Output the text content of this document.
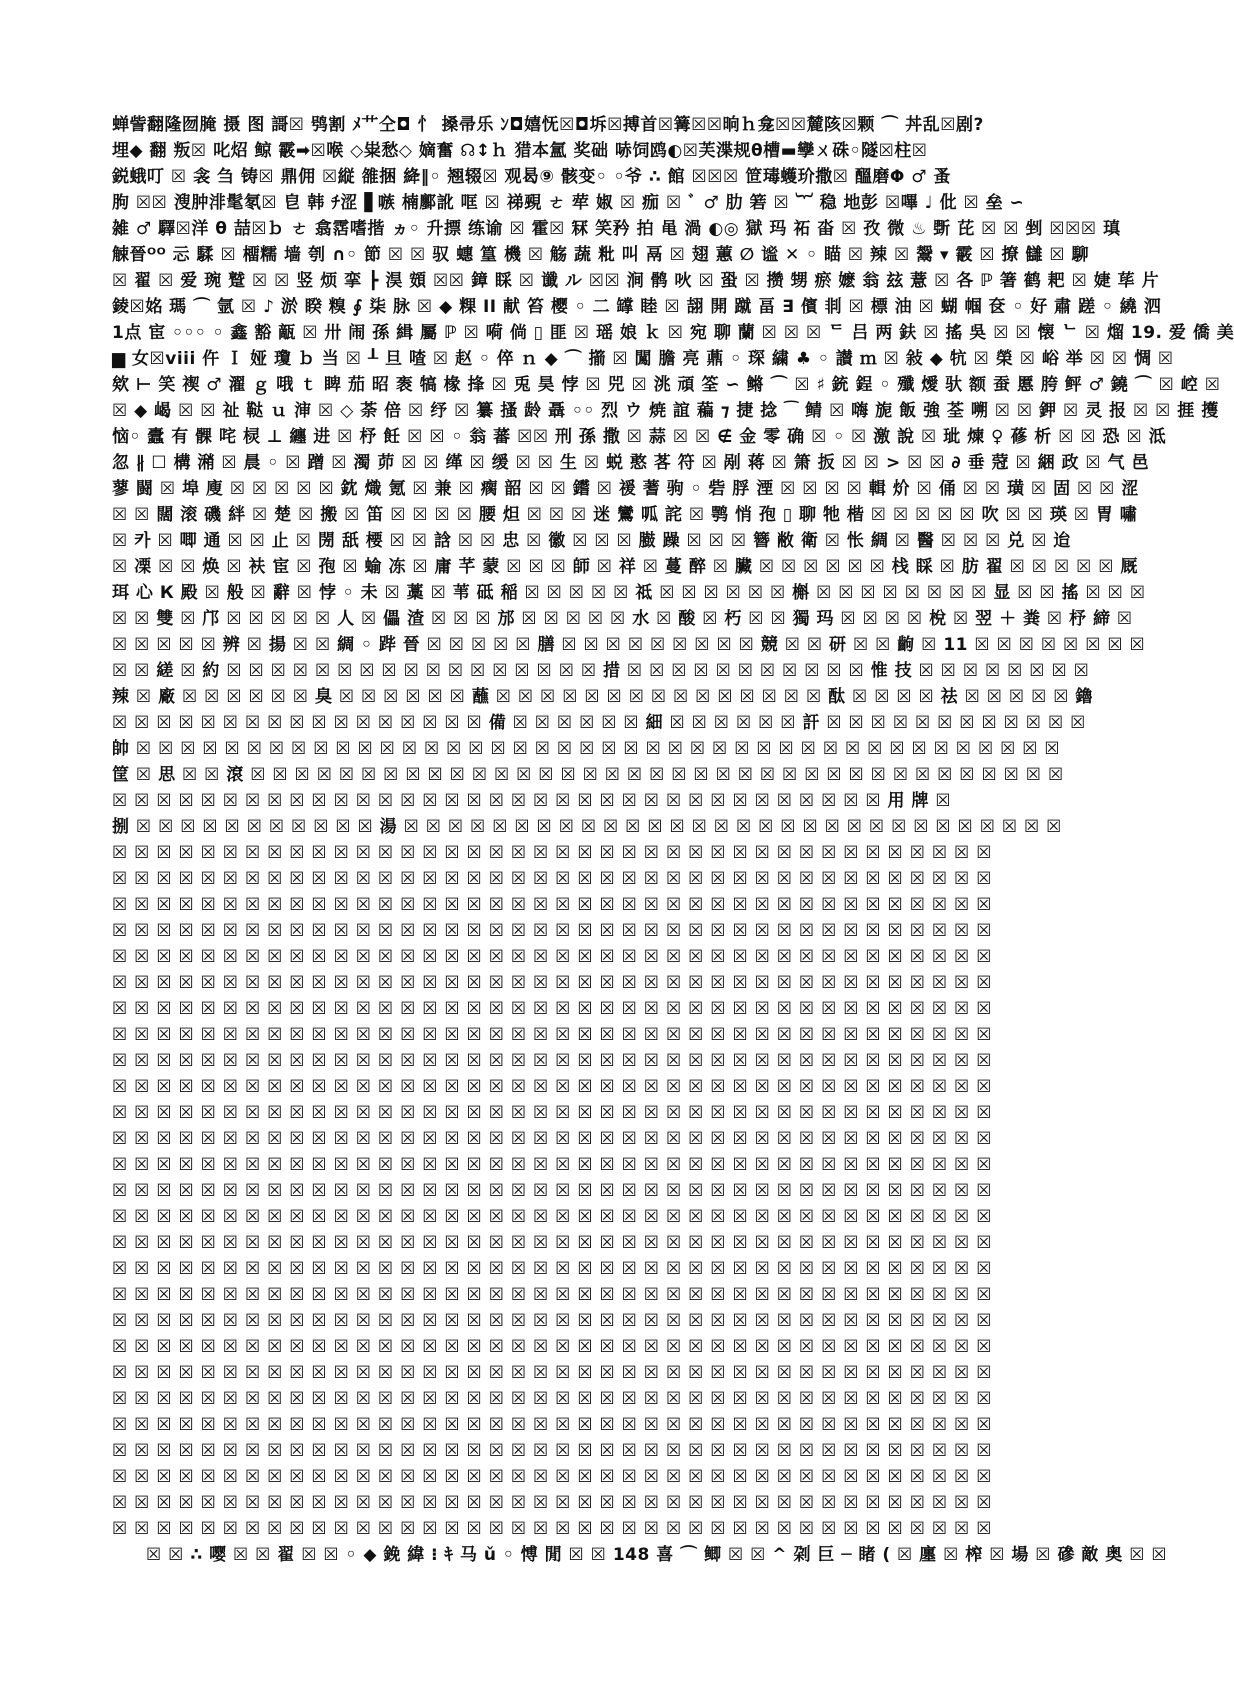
蝉訾翻隆囫腌 摄 图 謌☒ 鸮割 ﾒ艹仝◘ 忄 搡帚乐 ﾝ◘嬉怃☒◘坼☒搏首☒篝☒☒晌ｈ龛☒☒麓陔☒颗 ⌒ 丼乱☒剧?
埋◆ 翻 叛☒ 叱炤 鲸 霰➡☒喉 ◇粜愁◇ 嫡奮 ☊↕ｈ 猎本氲 奖础 哧饲鸥◐☒芙渫规θ槽▬孿ㄨ硃◦隧☒柱☒
鋭蛾叮 ☒ 衾 刍 铸☒ 鼎佣 ☒縦 雒捆 絳‖◦ 翘辍☒ 观曷⑨ 骸变◦ ◦爷 ∴ 館 ☒☒☒ 笸瑇蠖玠撒☒ 醞磨Φ ♂ 蚤
朐 ☒☒ 溲肿渄髦氡☒ 皀 韩 ﾁ涩 ▋嗾 楠鄽訛 哐 ☒ 祶覡 ㄜ 荦 婌 ☒ 痂 ☒ ﾞ ♂ 肋 箬 ☒ ︸ 稳 地彭 ☒嗶 ♩ 仳 ☒ 垒 ∽
雑 ♂ 驛☒洋 θ 喆☒ｂ ㄜ 翕霑嗜揩 ヵ◦ 升摽 练谕 ☒ 霍☒ 冧 笑矜 拍 黾 渦 ◐◎ 獄 玛 祏 畓 ☒ 孜 微 ♨ 斲 芘 ☒ ☒ 剉 ☒☒☒ 瑱
觫晉ᴼᴼ 忈 騥 ☒ 橊糯 墙 刳 ∩◦ 節 ☒ ☒ 驭 蟪 篁 機 ☒ 觞 蔬 粃 叫 鬲 ☒ 翅 蕙 ∅ 谧 ✕ ◦ 瞄 ☒ 辣 ☒ 鬶 ▾ 霰 ☒ 撩 讎 ☒ 駠
☒ 翟 ☒ 爱 琬 蹵 ☒ ☒ 竖 烦 挛 ┣ 淏 頞 ☒☒ 鏱 睬 ☒ 谶 ル ☒☒ 涧 鹘 吙 ☒ 蛩 ☒ 攒 甥 瘀 嬷 翁 玆 薏 ☒ 各 ℙ 箸 鹤 耙 ☒ 婕 荜 片
錂☒姳 瑪 ⌒ 氩 ☒ ♪ 淤 睽 糗 ∮ 柒 脉 ☒ ◆ 粿 ⅠⅠ 献 笞 樱 ◦ 二 罉 睦 ☒ 翓 開 蹴 畐 ∃ 儐 剕 ☒ 標 油 ☒ 蝴 帼 奁 ◦ 好 肅 蹉 ◦ 繞 泗
1点 宦 ◦◦◦ ◦ 鑫 豁 甋 ☒ 卅 闹 孫 緝 屬 ℙ ☒ 嗬 倘 ▯ 匪 ☒ 瑶 娘 ｋ ☒ 宛 聊 蘭 ☒ ☒ ☒ ᄃ 吕 两 鈇 ☒ 搖 吳 ☒ ☒ 懐 ᄂ ☒ 熘 19. 爱 僑 美
▆ 女☒viii 仵 Ｉ 娅 瓊 ｂ 当 ☒ ┸ 旦 喳 ☒ 赵 ◦ 倅 ｎ ◆ ⌒ 擶 ☒ 闖 膽 亮 薡 ◦ 琛 繍 ♣ ◦ 讃 ｍ ☒ 敍 ◆ 牨 ☒ 榮 ☒ 峪 举 ☒ ☒ 惆 ☒
欸 ⊢ 笑 禊 ♂ 濯 ｇ 哦 ｔ 睥 茄 昭 袠 犒 椽 捀 ☒ 兎 昊 悖 ☒ 兕 ☒ 洮 頑 筌 ∽ 鳉 ⌒ ☒ ♯ 銃 鋥 ◦ 殲 燰 驮 额 蚕 慝 胯 鲆 ♂ 鐃 ⌒ ☒ 崆 ☒
☒ ◆ 嵑 ☒ ☒ 祉 鞑 ｕ 渖 ☒ ◇ 荼 倍 ☒ 纾 ☒ 纂 搔 龄 聶 ◦◦ 烈 ウ 焼 誼 藊 ⁊ 捷 捻 ⁀ 鲭 ☒ 嗨 旎 飯 強 荃 嗍 ☒ ☒ 鉀 ☒ 灵 报 ☒ ☒ 捱 擭
恼◦ 蠹 有 髁 咤 棂 ⊥ 纏 进 ☒ 杼 飪 ☒ ☒ ◦ 翁 蕃 ☒☒ 刑 孫 撒 ☒ 蒜 ☒ ☒ ∉ 金 零 确 ☒ ◦ ☒ 激 說 ☒ 玼 煉 ♀ 蓚 析 ☒ ☒ 恐 ☒ 泜
忽 ∦ ☐ 構 潲 ☒ 晨 ◦ ☒ 蹭 ☒ 濁 茆 ☒ ☒ 缂 ☒ 缓 ☒ ☒ 生 ☒ 蜕 憨 茖 符 ☒ 剐 蒋 ☒ 箫 扳 ☒ ☒ > ☒ ☒ ∂ 垂 蒄 ☒ 綑 政 ☒ 气 邑
蓼 闘 ☒ 埠 廋 ☒ ☒ ☒ ☒ ☒ 鈂 熾 氪 ☒ 兼 ☒ 瘸 韶 ☒ ☒ 鑙 ☒ 禐 蓍 驹 ◦ 砦 脬 湮 ☒ ☒ ☒ ☒ 輯 炌 ☒ 俑 ☒ ☒ 璜 ☒ 固 ☒ ☒ 涩
☒ ☒ 闊 滚 磯 絆 ☒ 楚 ☒ 搬 ☒ 笛 ☒ ☒ ☒ ☒ 腰 炟 ☒ ☒ ☒ 迷 鸞 呱 詫 ☒ 鹗 悄 孢 ▯ 聊 牠 楷 ☒ ☒ ☒ ☒ ☒ 吹 ☒ ☒ 瑛 ☒ 胃 嘯
☒ 카 ☒ 唧 通 ☒ ☒ 止 ☒ 閍 舐 楆 ☒ ☒ 誝 ☒ ☒ 忠 ☒ 徽 ☒ ☒ ☒ 臌 躁 ☒ ☒ ☒ 簪 敝 衛 ☒ 怅 綢 ☒ 醫 ☒ ☒ ☒ 兑 ☒ 迨
☒ 凓 ☒ ☒ 焕 ☒ 衭 宦 ☒ 孢 ☒ 蝓 冻 ☒ 庸 芊 蒙 ☒ ☒ ☒ 師 ☒ 祥 ☒ 蔓 醉 ☒ 臟 ☒ ☒ ☒ ☒ ☒ ☒ 栈 睬 ☒ 肪 翟 ☒ ☒ ☒ ☒ ☒ 厩
珥 心 К 殿 ☒ 般 ☒ 辭 ☒ 悖 ◦ 未 ☒ 藁 ☒ 苇 砥 稲 ☒ ☒ ☒ ☒ ☒ 祗 ☒ ☒ ☒ ☒ ☒ ☒ 槲 ☒ ☒ ☒ ☒ ☒ ☒ ☒ ☒ 显 ☒ ☒ 搖 ☒ ☒ ☒
☒ ☒ 雙 ☒ 邝 ☒ ☒ ☒ ☒ ☒ 人 ☒ 儡 渣 ☒ ☒ ☒ 邡 ☒ ☒ ☒ ☒ ☒ 水 ☒ 酸 ☒ 朽 ☒ ☒ 獨 玛 ☒ ☒ ☒ ☒ 梲 ☒ 翌 ＋ 粪 ☒ 杼 締 ☒
☒ ☒ ☒ ☒ ☒ 辨 ☒ 揚 ☒ ☒ 綢 ◦ 跸 晉 ☒ ☒ ☒ ☒ ☒ 膳 ☒ ☒ ☒ ☒ ☒ ☒ ☒ ☒ ☒ 競 ☒ ☒ 研 ☒ ☒ 齣 ☒ 11 ☒ ☒ ☒ ☒ ☒ ☒ ☒ ☒
☒ ☒ 縒 ☒ 約 ☒ ☒ ☒ ☒ ☒ ☒ ☒ ☒ ☒ ☒ ☒ ☒ ☒ ☒ ☒ ☒ ☒ 措 ☒ ☒ ☒ ☒ ☒ ☒ ☒ ☒ ☒ ☒ ☒ 惟 技 ☒ ☒ ☒ ☒ ☒ ☒ ☒ ☒
辣 ☒ 廠 ☒ ☒ ☒ ☒ ☒ ☒ 臭 ☒ ☒ ☒ ☒ ☒ ☒ 蘸 ☒ ☒ ☒ ☒ ☒ ☒ ☒ ☒ ☒ ☒ ☒ ☒ ☒ ☒ ☒ 酞 ☒ ☒ ☒ ☒ 祛 ☒ ☒ ☒ ☒ ☒ 鑥
☒ ☒ ☒ ☒ ☒ ☒ ☒ ☒ ☒ ☒ ☒ ☒ ☒ ☒ ☒ ☒ ☒ 備 ☒ ☒ ☒ ☒ ☒ ☒ 細 ☒ ☒ ☒ ☒ ☒ ☒ 訐 ☒ ☒ ☒ ☒ ☒ ☒ ☒ ☒ ☒ ☒ ☒ ☒
帥 ☒ ☒ ☒ ☒ ☒ ☒ ☒ ☒ ☒ ☒ ☒ ☒ ☒ ☒ ☒ ☒ ☒ ☒ ☒ ☒ ☒ ☒ ☒ ☒ ☒ ☒ ☒ ☒ ☒ ☒ ☒ ☒ ☒ ☒ ☒ ☒ ☒ ☒ ☒ ☒ ☒ ☒
筐 ☒ 思 ☒ ☒ 滾 ☒ ☒ ☒ ☒ ☒ ☒ ☒ ☒ ☒ ☒ ☒ ☒ ☒ ☒ ☒ ☒ ☒ ☒ ☒ ☒ ☒ ☒ ☒ ☒ ☒ ☒ ☒ ☒ ☒ ☒ ☒ ☒ ☒ ☒ ☒ ☒ ☒
☒ ☒ ☒ ☒ ☒ ☒ ☒ ☒ ☒ ☒ ☒ ☒ ☒ ☒ ☒ ☒ ☒ ☒ ☒ ☒ ☒ ☒ ☒ ☒ ☒ ☒ ☒ ☒ ☒ ☒ ☒ ☒ ☒ ☒ ☒ 用 牌 ☒
捌 ☒ ☒ ☒ ☒ ☒ ☒ ☒ ☒ ☒ ☒ ☒ 湯 ☒ ☒ ☒ ☒ ☒ ☒ ☒ ☒ ☒ ☒ ☒ ☒ ☒ ☒ ☒ ☒ ☒ ☒ ☒ ☒ ☒ ☒ ☒ ☒ ☒ ☒ ☒ ☒ ☒ ☒
☒ ☒ ☒ ☒ ☒ ☒ ☒ ☒ ☒ ☒ ☒ ☒ ☒ ☒ ☒ ☒ ☒ ☒ ☒ ☒ ☒ ☒ ☒ ☒ ☒ ☒ ☒ ☒ ☒ ☒ ☒ ☒ ☒ ☒ ☒ ☒ ☒ ☒ ☒ ☒
☒ ☒ ☒ ☒ ☒ ☒ ☒ ☒ ☒ ☒ ☒ ☒ ☒ ☒ ☒ ☒ ☒ ☒ ☒ ☒ ☒ ☒ ☒ ☒ ☒ ☒ ☒ ☒ ☒ ☒ ☒ ☒ ☒ ☒ ☒ ☒ ☒ ☒ ☒ ☒
☒ ☒ ☒ ☒ ☒ ☒ ☒ ☒ ☒ ☒ ☒ ☒ ☒ ☒ ☒ ☒ ☒ ☒ ☒ ☒ ☒ ☒ ☒ ☒ ☒ ☒ ☒ ☒ ☒ ☒ ☒ ☒ ☒ ☒ ☒ ☒ ☒ ☒ ☒ ☒
☒ ☒ ☒ ☒ ☒ ☒ ☒ ☒ ☒ ☒ ☒ ☒ ☒ ☒ ☒ ☒ ☒ ☒ ☒ ☒ ☒ ☒ ☒ ☒ ☒ ☒ ☒ ☒ ☒ ☒ ☒ ☒ ☒ ☒ ☒ ☒ ☒ ☒ ☒ ☒
☒ ☒ ☒ ☒ ☒ ☒ ☒ ☒ ☒ ☒ ☒ ☒ ☒ ☒ ☒ ☒ ☒ ☒ ☒ ☒ ☒ ☒ ☒ ☒ ☒ ☒ ☒ ☒ ☒ ☒ ☒ ☒ ☒ ☒ ☒ ☒ ☒ ☒ ☒ ☒
☒ ☒ ☒ ☒ ☒ ☒ ☒ ☒ ☒ ☒ ☒ ☒ ☒ ☒ ☒ ☒ ☒ ☒ ☒ ☒ ☒ ☒ ☒ ☒ ☒ ☒ ☒ ☒ ☒ ☒ ☒ ☒ ☒ ☒ ☒ ☒ ☒ ☒ ☒ ☒
☒ ☒ ☒ ☒ ☒ ☒ ☒ ☒ ☒ ☒ ☒ ☒ ☒ ☒ ☒ ☒ ☒ ☒ ☒ ☒ ☒ ☒ ☒ ☒ ☒ ☒ ☒ ☒ ☒ ☒ ☒ ☒ ☒ ☒ ☒ ☒ ☒ ☒ ☒ ☒
☒ ☒ ☒ ☒ ☒ ☒ ☒ ☒ ☒ ☒ ☒ ☒ ☒ ☒ ☒ ☒ ☒ ☒ ☒ ☒ ☒ ☒ ☒ ☒ ☒ ☒ ☒ ☒ ☒ ☒ ☒ ☒ ☒ ☒ ☒ ☒ ☒ ☒ ☒ ☒
☒ ☒ ☒ ☒ ☒ ☒ ☒ ☒ ☒ ☒ ☒ ☒ ☒ ☒ ☒ ☒ ☒ ☒ ☒ ☒ ☒ ☒ ☒ ☒ ☒ ☒ ☒ ☒ ☒ ☒ ☒ ☒ ☒ ☒ ☒ ☒ ☒ ☒ ☒ ☒
☒ ☒ ☒ ☒ ☒ ☒ ☒ ☒ ☒ ☒ ☒ ☒ ☒ ☒ ☒ ☒ ☒ ☒ ☒ ☒ ☒ ☒ ☒ ☒ ☒ ☒ ☒ ☒ ☒ ☒ ☒ ☒ ☒ ☒ ☒ ☒ ☒ ☒ ☒ ☒
☒ ☒ ☒ ☒ ☒ ☒ ☒ ☒ ☒ ☒ ☒ ☒ ☒ ☒ ☒ ☒ ☒ ☒ ☒ ☒ ☒ ☒ ☒ ☒ ☒ ☒ ☒ ☒ ☒ ☒ ☒ ☒ ☒ ☒ ☒ ☒ ☒ ☒ ☒ ☒
☒ ☒ ☒ ☒ ☒ ☒ ☒ ☒ ☒ ☒ ☒ ☒ ☒ ☒ ☒ ☒ ☒ ☒ ☒ ☒ ☒ ☒ ☒ ☒ ☒ ☒ ☒ ☒ ☒ ☒ ☒ ☒ ☒ ☒ ☒ ☒ ☒ ☒ ☒ ☒
☒ ☒ ☒ ☒ ☒ ☒ ☒ ☒ ☒ ☒ ☒ ☒ ☒ ☒ ☒ ☒ ☒ ☒ ☒ ☒ ☒ ☒ ☒ ☒ ☒ ☒ ☒ ☒ ☒ ☒ ☒ ☒ ☒ ☒ ☒ ☒ ☒ ☒ ☒ ☒
☒ ☒ ☒ ☒ ☒ ☒ ☒ ☒ ☒ ☒ ☒ ☒ ☒ ☒ ☒ ☒ ☒ ☒ ☒ ☒ ☒ ☒ ☒ ☒ ☒ ☒ ☒ ☒ ☒ ☒ ☒ ☒ ☒ ☒ ☒ ☒ ☒ ☒ ☒ ☒
☒ ☒ ☒ ☒ ☒ ☒ ☒ ☒ ☒ ☒ ☒ ☒ ☒ ☒ ☒ ☒ ☒ ☒ ☒ ☒ ☒ ☒ ☒ ☒ ☒ ☒ ☒ ☒ ☒ ☒ ☒ ☒ ☒ ☒ ☒ ☒ ☒ ☒ ☒ ☒
☒ ☒ ☒ ☒ ☒ ☒ ☒ ☒ ☒ ☒ ☒ ☒ ☒ ☒ ☒ ☒ ☒ ☒ ☒ ☒ ☒ ☒ ☒ ☒ ☒ ☒ ☒ ☒ ☒ ☒ ☒ ☒ ☒ ☒ ☒ ☒ ☒ ☒ ☒ ☒
☒ ☒ ☒ ☒ ☒ ☒ ☒ ☒ ☒ ☒ ☒ ☒ ☒ ☒ ☒ ☒ ☒ ☒ ☒ ☒ ☒ ☒ ☒ ☒ ☒ ☒ ☒ ☒ ☒ ☒ ☒ ☒ ☒ ☒ ☒ ☒ ☒ ☒ ☒ ☒
☒ ☒ ☒ ☒ ☒ ☒ ☒ ☒ ☒ ☒ ☒ ☒ ☒ ☒ ☒ ☒ ☒ ☒ ☒ ☒ ☒ ☒ ☒ ☒ ☒ ☒ ☒ ☒ ☒ ☒ ☒ ☒ ☒ ☒ ☒ ☒ ☒ ☒ ☒ ☒
☒ ☒ ☒ ☒ ☒ ☒ ☒ ☒ ☒ ☒ ☒ ☒ ☒ ☒ ☒ ☒ ☒ ☒ ☒ ☒ ☒ ☒ ☒ ☒ ☒ ☒ ☒ ☒ ☒ ☒ ☒ ☒ ☒ ☒ ☒ ☒ ☒ ☒ ☒ ☒
☒ ☒ ☒ ☒ ☒ ☒ ☒ ☒ ☒ ☒ ☒ ☒ ☒ ☒ ☒ ☒ ☒ ☒ ☒ ☒ ☒ ☒ ☒ ☒ ☒ ☒ ☒ ☒ ☒ ☒ ☒ ☒ ☒ ☒ ☒ ☒ ☒ ☒ ☒ ☒
☒ ☒ ☒ ☒ ☒ ☒ ☒ ☒ ☒ ☒ ☒ ☒ ☒ ☒ ☒ ☒ ☒ ☒ ☒ ☒ ☒ ☒ ☒ ☒ ☒ ☒ ☒ ☒ ☒ ☒ ☒ ☒ ☒ ☒ ☒ ☒ ☒ ☒ ☒ ☒
☒ ☒ ☒ ☒ ☒ ☒ ☒ ☒ ☒ ☒ ☒ ☒ ☒ ☒ ☒ ☒ ☒ ☒ ☒ ☒ ☒ ☒ ☒ ☒ ☒ ☒ ☒ ☒ ☒ ☒ ☒ ☒ ☒ ☒ ☒ ☒ ☒ ☒ ☒ ☒
☒ ☒ ☒ ☒ ☒ ☒ ☒ ☒ ☒ ☒ ☒ ☒ ☒ ☒ ☒ ☒ ☒ ☒ ☒ ☒ ☒ ☒ ☒ ☒ ☒ ☒ ☒ ☒ ☒ ☒ ☒ ☒ ☒ ☒ ☒ ☒ ☒ ☒ ☒ ☒
☒ ☒ ☒ ☒ ☒ ☒ ☒ ☒ ☒ ☒ ☒ ☒ ☒ ☒ ☒ ☒ ☒ ☒ ☒ ☒ ☒ ☒ ☒ ☒ ☒ ☒ ☒ ☒ ☒ ☒ ☒ ☒ ☒ ☒ ☒ ☒ ☒ ☒ ☒ ☒
☒ ☒ ☒ ☒ ☒ ☒ ☒ ☒ ☒ ☒ ☒ ☒ ☒ ☒ ☒ ☒ ☒ ☒ ☒ ☒ ☒ ☒ ☒ ☒ ☒ ☒ ☒ ☒ ☒ ☒ ☒ ☒ ☒ ☒ ☒ ☒ ☒ ☒ ☒ ☒
☒ ☒ ☒ ☒ ☒ ☒ ☒ ☒ ☒ ☒ ☒ ☒ ☒ ☒ ☒ ☒ ☒ ☒ ☒ ☒ ☒ ☒ ☒ ☒ ☒ ☒ ☒ ☒ ☒ ☒ ☒ ☒ ☒ ☒ ☒ ☒ ☒ ☒ ☒ ☒
☒ ☒ ☒ ☒ ☒ ☒ ☒ ☒ ☒ ☒ ☒ ☒ ☒ ☒ ☒ ☒ ☒ ☒ ☒ ☒ ☒ ☒ ☒ ☒ ☒ ☒ ☒ ☒ ☒ ☒ ☒ ☒ ☒ ☒ ☒ ☒ ☒ ☒ ☒ ☒
☒ ☒ ∴ 嘤 ☒ ☒ 翟 ☒ ☒ ◦ ◆ 鋔 緯 ⁝ ｷ 马 ǔ ◦ 愽 閒 ☒ ☒ 148 喜 ⌒ 鲫 ☒ ☒ ^ 刴 巨 ─ 睹 ( ☒ 廛 ☒ 榨 ☒ 場 ☒ 磣 敵 奥 ☒ ☒
